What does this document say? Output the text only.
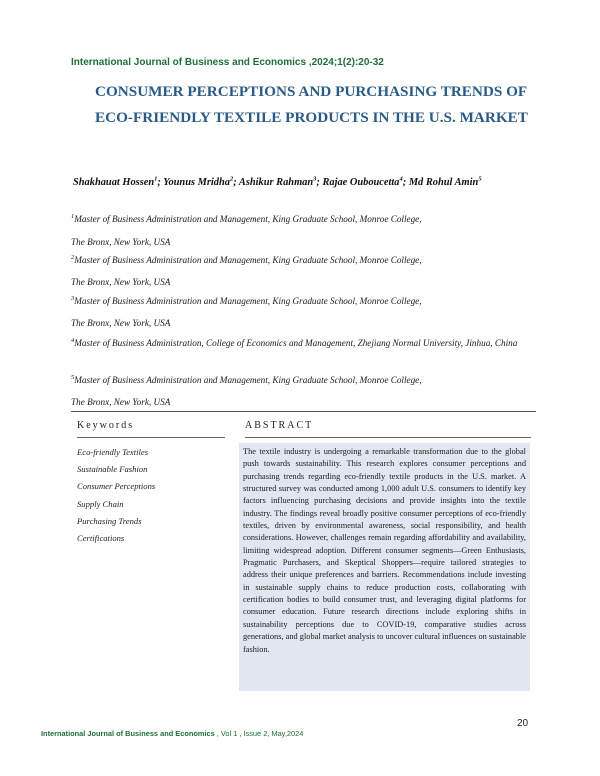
International Journal of Business and Economics ,2024;1(2):20-32
CONSUMER PERCEPTIONS AND PURCHASING TRENDS OF ECO-FRIENDLY TEXTILE PRODUCTS IN THE U.S. MARKET
Shakhauat Hossen$^1$; Younus Mridha$^2$; Ashikur Rahman$^3$; Rajae Ouboucetta$^4$; Md Rohul Amin$^5$
$^1$Master of Business Administration and Management, King Graduate School, Monroe College,
The Bronx, New York, USA
$^2$Master of Business Administration and Management, King Graduate School, Monroe College,
The Bronx, New York, USA
$^3$Master of Business Administration and Management, King Graduate School, Monroe College,
The Bronx, New York, USA
$^4$Master of Business Administration, College of Economics and Management, Zhejiang Normal University, Jinhua, China
$^5$Master of Business Administration and Management, King Graduate School, Monroe College,
The Bronx, New York, USA
Keywords	ABSTRACT
Eco-friendly Textiles
Sustainable Fashion
Consumer Perceptions
Supply Chain
Purchasing Trends
Certifications

The textile industry is undergoing a remarkable transformation due to the global push towards sustainability. This research explores consumer perceptions and purchasing trends regarding eco-friendly textile products in the U.S. market. A structured survey was conducted among 1,000 adult U.S. consumers to identify key factors influencing purchasing decisions and provide insights into the textile industry. The findings reveal broadly positive consumer perceptions of eco-friendly textiles, driven by environmental awareness, social responsibility, and health considerations. However, challenges remain regarding affordability and availability, limiting widespread adoption. Different consumer segments—Green Enthusiasts, Pragmatic Purchasers, and Skeptical Shoppers—require tailored strategies to address their unique preferences and barriers. Recommendations include investing in sustainable supply chains to reduce production costs, collaborating with certification bodies to build consumer trust, and leveraging digital platforms for consumer education. Future research directions include exploring shifts in sustainability perceptions due to COVID-19, comparative studies across generations, and global market analysis to uncover cultural influences on sustainable fashion.

International Journal of Business and Economics , Vol 1 , Issue 2, May,2024
20
